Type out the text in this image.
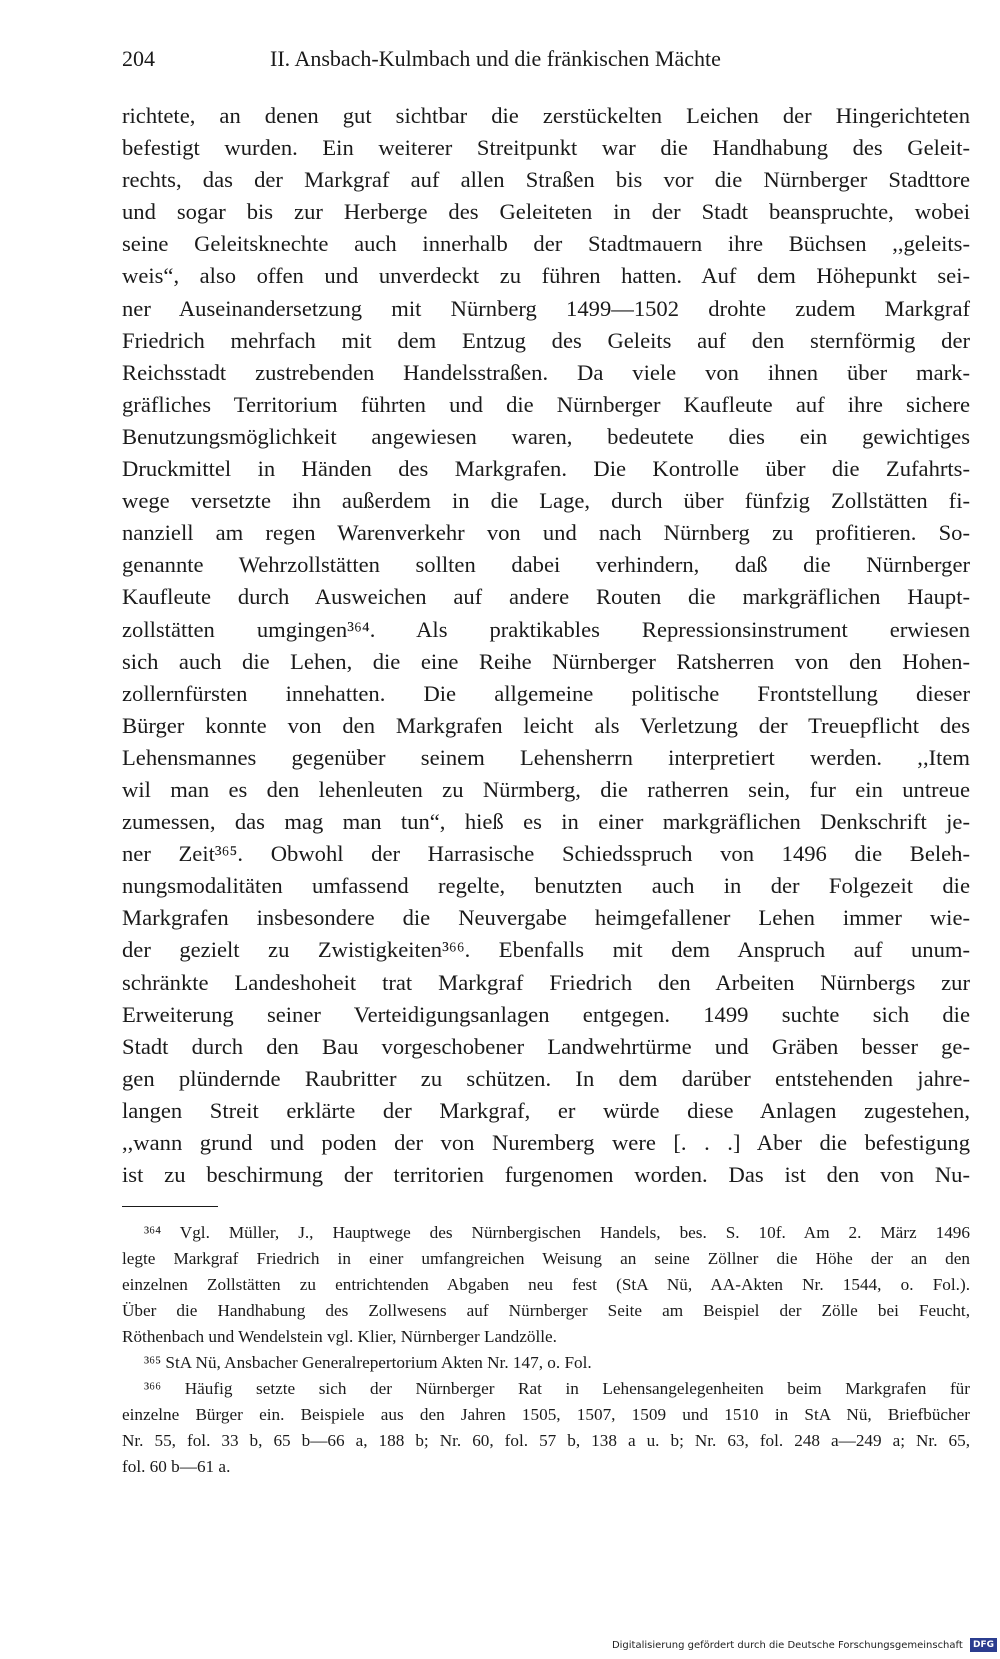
204	II. Ansbach-Kulmbach und die fränkischen Mächte
richtete, an denen gut sichtbar die zerstückelten Leichen der Hingerichteten
befestigt wurden. Ein weiterer Streitpunkt war die Handhabung des Geleit-
rechts, das der Markgraf auf allen Straßen bis vor die Nürnberger Stadttore
und sogar bis zur Herberge des Geleiteten in der Stadt beanspruchte, wobei
seine Geleitsknechte auch innerhalb der Stadtmauern ihre Büchsen ,,geleits-
weis“, also offen und unverdeckt zu führen hatten. Auf dem Höhepunkt sei-
ner Auseinandersetzung mit Nürnberg 1499—1502 drohte zudem Markgraf
Friedrich mehrfach mit dem Entzug des Geleits auf den sternförmig der
Reichsstadt zustrebenden Handelsstraßen. Da viele von ihnen über mark-
gräfliches Territorium führten und die Nürnberger Kaufleute auf ihre sichere
Benutzungsmöglichkeit angewiesen waren, bedeutete dies ein gewichtiges
Druckmittel in Händen des Markgrafen. Die Kontrolle über die Zufahrts-
wege versetzte ihn außerdem in die Lage, durch über fünfzig Zollstätten fi-
nanziell am regen Warenverkehr von und nach Nürnberg zu profitieren. So-
genannte Wehrzollstätten sollten dabei verhindern, daß die Nürnberger
Kaufleute durch Ausweichen auf andere Routen die markgräflichen Haupt-
zollstätten umgingen³⁶⁴. Als praktikables Repressionsinstrument erwiesen
sich auch die Lehen, die eine Reihe Nürnberger Ratsherren von den Hohen-
zollernfürsten innehatten. Die allgemeine politische Frontstellung dieser
Bürger konnte von den Markgrafen leicht als Verletzung der Treuepflicht des
Lehensmannes gegenüber seinem Lehensherrn interpretiert werden. ,,Item
wil man es den lehenleuten zu Nürmberg, die ratherren sein, fur ein untreue
zumessen, das mag man tun“, hieß es in einer markgräflichen Denkschrift je-
ner Zeit³⁶⁵. Obwohl der Harrasische Schiedsspruch von 1496 die Beleh-
nungsmodalitäten umfassend regelte, benutzten auch in der Folgezeit die
Markgrafen insbesondere die Neuvergabe heimgefallener Lehen immer wie-
der gezielt zu Zwistigkeiten³⁶⁶. Ebenfalls mit dem Anspruch auf unum-
schränkte Landeshoheit trat Markgraf Friedrich den Arbeiten Nürnbergs zur
Erweiterung seiner Verteidigungsanlagen entgegen. 1499 suchte sich die
Stadt durch den Bau vorgeschobener Landwehrtürme und Gräben besser ge-
gen plündernde Raubritter zu schützen. In dem darüber entstehenden jahre-
langen Streit erklärte der Markgraf, er würde diese Anlagen zugestehen,
,,wann grund und poden der von Nuremberg were [. . .] Aber die befestigung
ist zu beschirmung der territorien furgenomen worden. Das ist den von Nu-
³⁶⁴ Vgl. Müller, J., Hauptwege des Nürnbergischen Handels, bes. S. 10f. Am 2. März 1496
legte Markgraf Friedrich in einer umfangreichen Weisung an seine Zöllner die Höhe der an den
einzelnen Zollstätten zu entrichtenden Abgaben neu fest (StA Nü, AA-Akten Nr. 1544, o. Fol.).
Über die Handhabung des Zollwesens auf Nürnberger Seite am Beispiel der Zölle bei Feucht,
Röthenbach und Wendelstein vgl. Klier, Nürnberger Landzölle.
³⁶⁵ StA Nü, Ansbacher Generalrepertorium Akten Nr. 147, o. Fol.
³⁶⁶ Häufig setzte sich der Nürnberger Rat in Lehensangelegenheiten beim Markgrafen für
einzelne Bürger ein. Beispiele aus den Jahren 1505, 1507, 1509 und 1510 in StA Nü, Briefbücher
Nr. 55, fol. 33 b, 65 b—66 a, 188 b; Nr. 60, fol. 57 b, 138 a u. b; Nr. 63, fol. 248 a—249 a; Nr. 65,
fol. 60 b—61 a.
Digitalisierung gefördert durch die Deutsche Forschungsgemeinschaft DFG
